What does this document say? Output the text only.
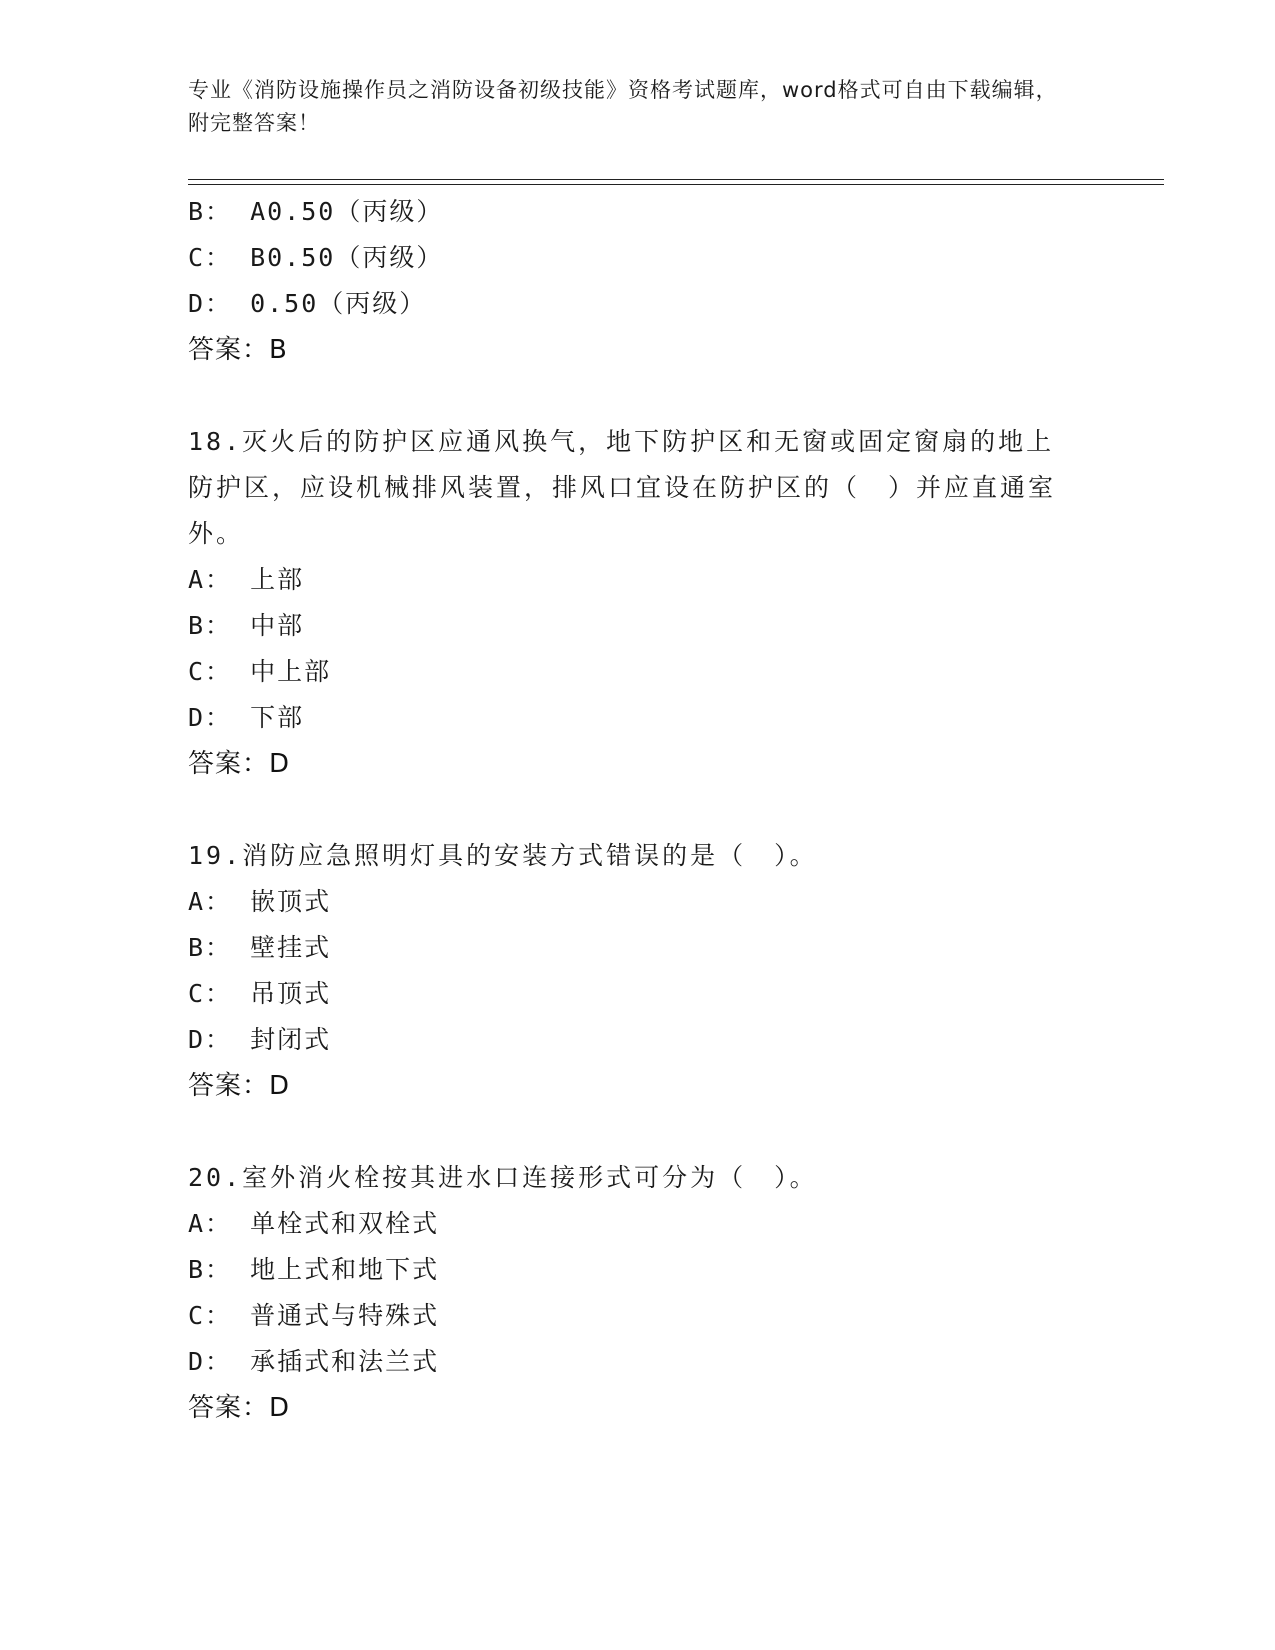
专业《消防设施操作员之消防设备初级技能》资格考试题库，word格式可自由下载编辑，附完整答案！
B： A0.50（丙级）
C： B0.50（丙级）
D： 0.50（丙级）
答案：B
18.灭火后的防护区应通风换气，地下防护区和无窗或固定窗扇的地上防护区，应设机械排风装置，排风口宜设在防护区的（　）并应直通室外。
A： 上部
B： 中部
C： 中上部
D： 下部
答案：D
19.消防应急照明灯具的安装方式错误的是（　）。
A： 嵌顶式
B： 壁挂式
C： 吊顶式
D： 封闭式
答案：D
20.室外消火栓按其进水口连接形式可分为（　）。
A： 单栓式和双栓式
B： 地上式和地下式
C： 普通式与特殊式
D： 承插式和法兰式
答案：D
